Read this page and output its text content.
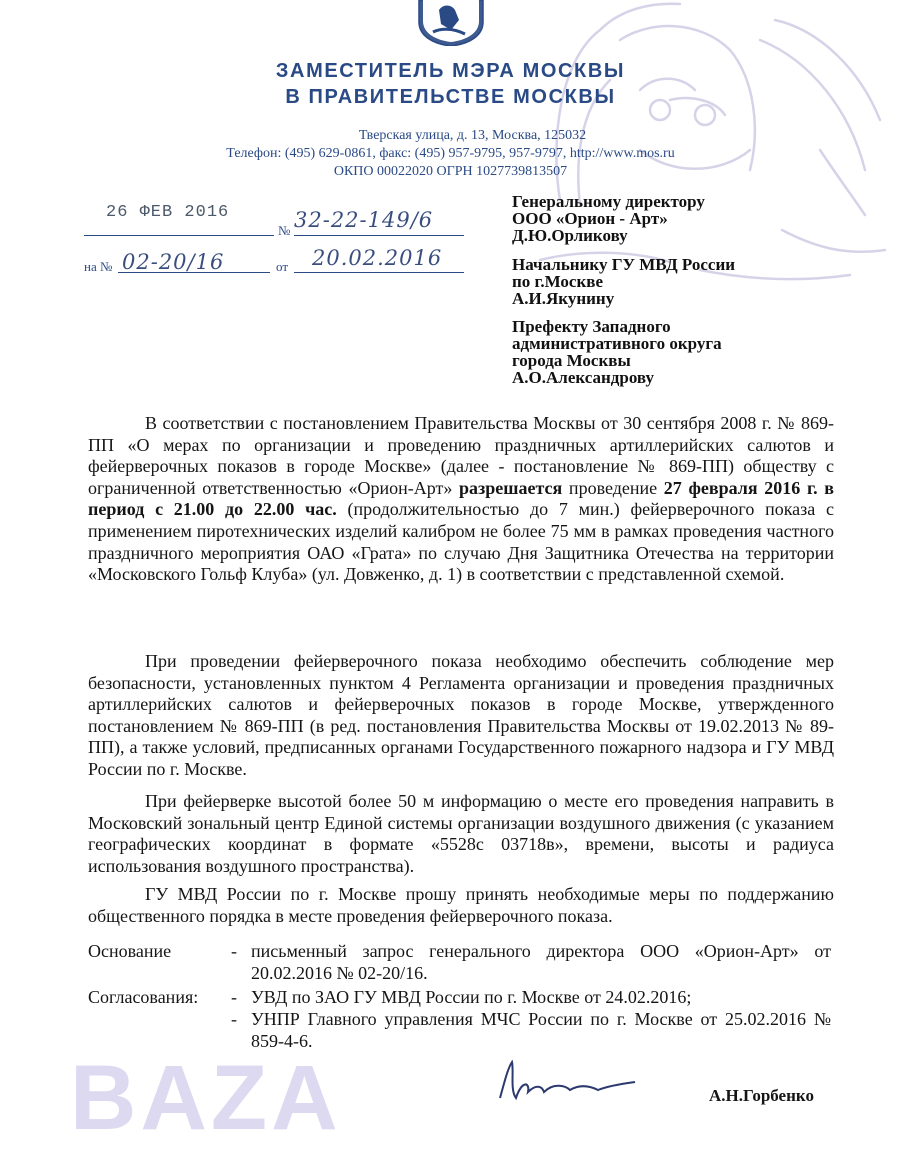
ЗАМЕСТИТЕЛЬ МЭРА МОСКВЫ
В ПРАВИТЕЛЬСТВЕ МОСКВЫ
Тверская улица, д. 13, Москва, 125032
Телефон: (495) 629-0861, факс: (495) 957-9795, 957-9797, http://www.mos.ru
ОКПО 00022020 ОГРН 1027739813507
26 ФЕВ 2016
№ 32-22-149/6
на № 02-20/16	от 20.02.2016
Генеральному директору
ООО «Орион - Арт»
Д.Ю.Орликову
Начальнику ГУ МВД России
по г.Москве
А.И.Якунину
Префекту Западного
административного округа
города Москвы
А.О.Александрову

В соответствии с постановлением Правительства Москвы от 30 сентября 2008 г. № 869-ПП «О мерах по организации и проведению праздничных артиллерийских салютов и фейерверочных показов в городе Москве» (далее - постановление № 869-ПП) обществу с ограниченной ответственностью «Орион-Арт» разрешается проведение 27 февраля 2016 г. в период с 21.00 до 22.00 час. (продолжительностью до 7 мин.) фейерверочного показа с применением пиротехнических изделий калибром не более 75 мм в рамках проведения частного праздничного мероприятия ОАО «Грата» по случаю Дня Защитника Отечества на территории «Московского Гольф Клуба» (ул. Довженко, д. 1) в соответствии с представленной схемой.

При проведении фейерверочного показа необходимо обеспечить соблюдение мер безопасности, установленных пунктом 4 Регламента организации и проведения праздничных артиллерийских салютов и фейерверочных показов в городе Москве, утвержденного постановлением № 869-ПП (в ред. постановления Правительства Москвы от 19.02.2013 № 89-ПП), а также условий, предписанных органами Государственного пожарного надзора и ГУ МВД России по г. Москве.

При фейерверке высотой более 50 м информацию о месте его проведения направить в Московский зональный центр Единой системы организации воздушного движения (с указанием географических координат в формате «5528с 03718в», времени, высоты и радиуса использования воздушного пространства).

ГУ МВД России по г. Москве прошу принять необходимые меры по поддержанию общественного порядка в месте проведения фейерверочного показа.

Основание	- письменный запрос генерального директора ООО «Орион-Арт» от 20.02.2016 № 02-20/16.
Согласования: - УВД по ЗАО ГУ МВД России по г. Москве от 24.02.2016;
- УНПР Главного управления МЧС России по г. Москве от 25.02.2016 № 859-4-6.
А.Н.Горбенко
BAZA
